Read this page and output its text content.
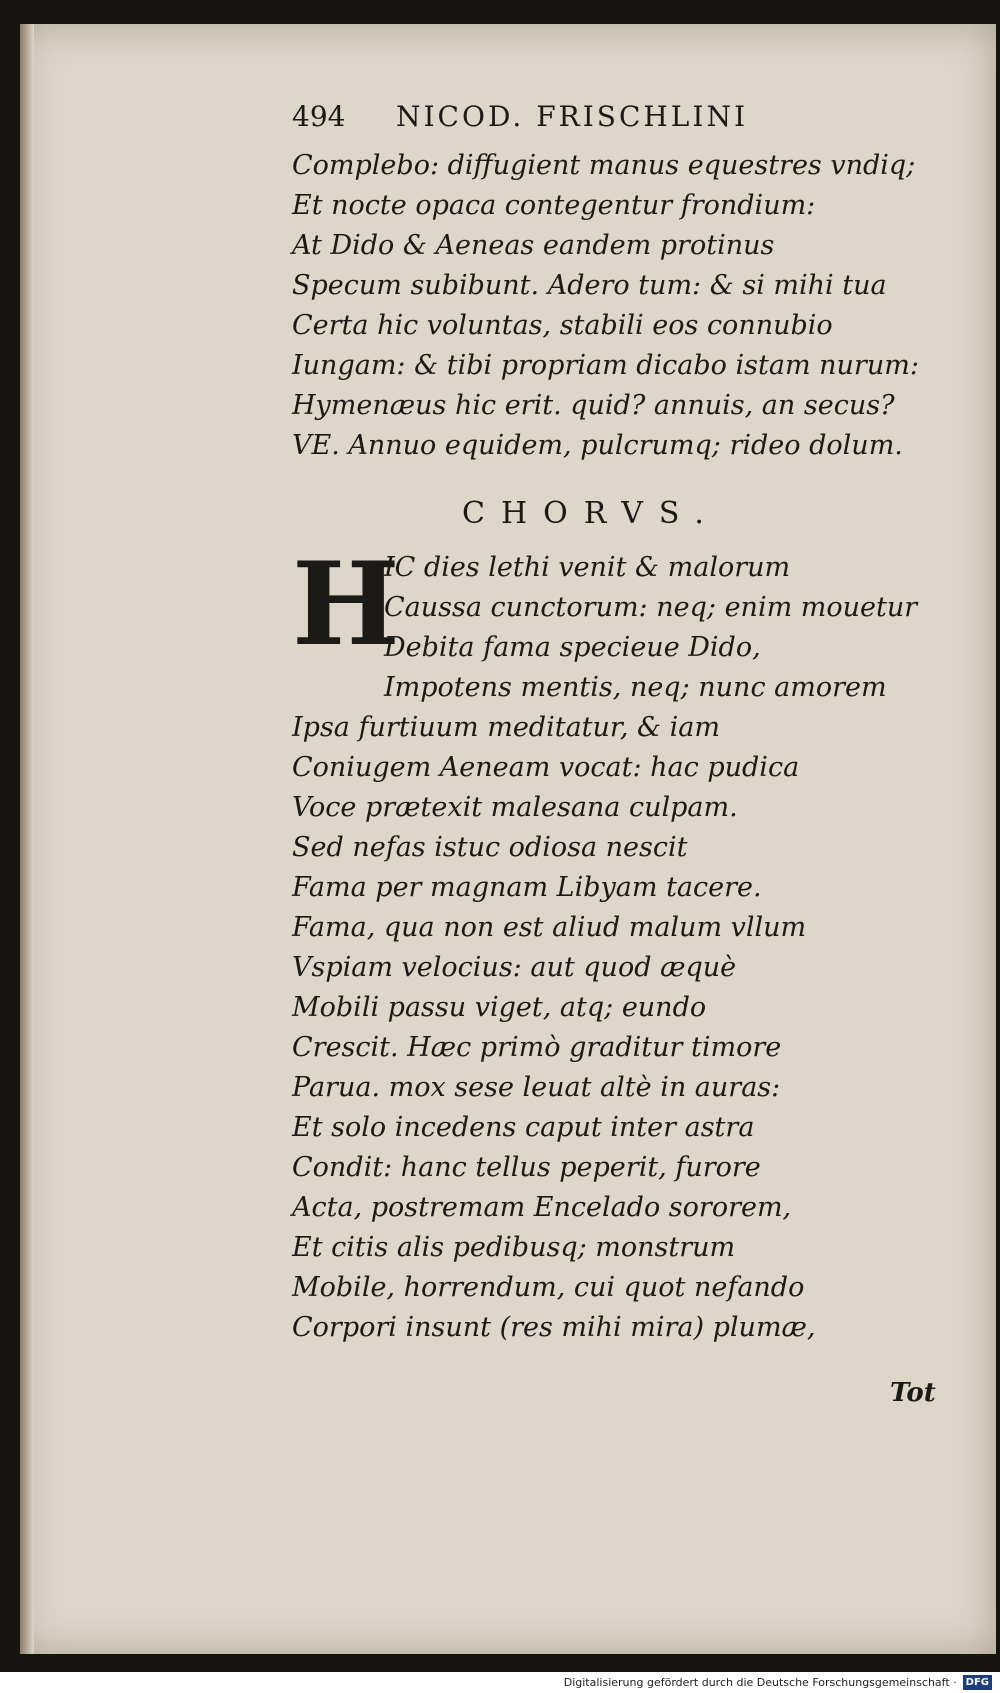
494 NICOD. FRISCHLINI

Complebo: diffugient manus equestres vndiq;

Et nocte opaca contegentur frondium:

At Dido & Aeneas eandem protinus

Specum subibunt. Adero tum: & si mihi tua

Certa hic voluntas, stabili eos connubio

Iungam: & tibi propriam dicabo istam nurum:

Hymenæus hic erit. quid? annuis, an secus?

VE. Annuo equidem, pulcrumq; rideo dolum.

CHORVS.
H

IC dies lethi venit & malorum

Caussa cunctorum: neq; enim mouetur

Debita fama specieue Dido,

Impotens mentis, neq; nunc amorem

Ipsa furtiuum meditatur, & iam

Coniugem Aeneam vocat: hac pudica

Voce prætexit malesana culpam.

Sed nefas istuc odiosa nescit

Fama per magnam Libyam tacere.

Fama, qua non est aliud malum vllum

Vspiam velocius: aut quod æquè

Mobili passu viget, atq; eundo

Crescit. Hæc primò graditur timore

Parua. mox sese leuat altè in auras:

Et solo incedens caput inter astra

Condit: hanc tellus peperit, furore

Acta, postremam Encelado sororem,

Et citis alis pedibusq; monstrum

Mobile, horrendum, cui quot nefando

Corpori insunt (res mihi mira) plumæ,

Tot
Digitalisierung gefördert durch die Deutsche Forschungsgemeinschaft · DFG
